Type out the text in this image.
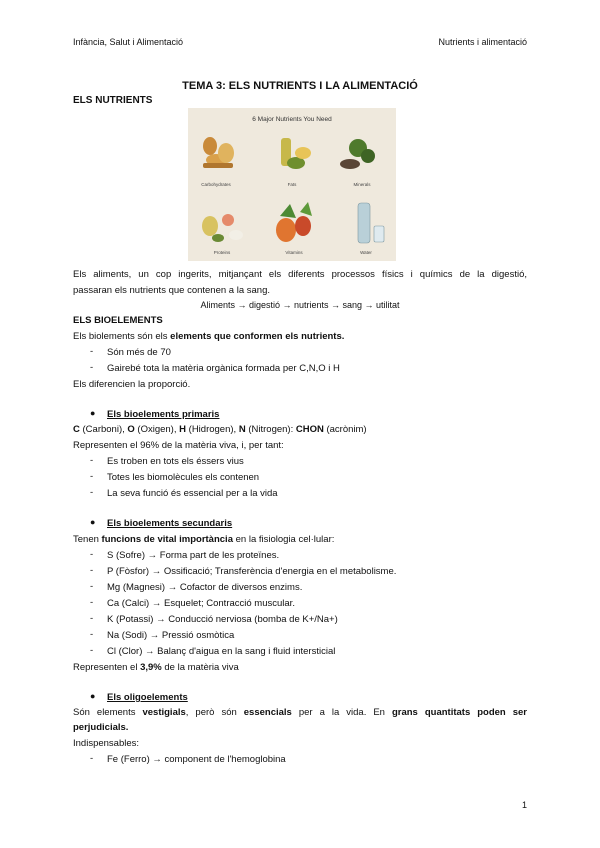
Infància, Salut i Alimentació	Nutrients i alimentació
TEMA 3: ELS NUTRIENTS I LA ALIMENTACIÓ
ELS NUTRIENTS
6 Major Nutrients You Need
Carbohydrates	Fats	Minerals
Proteins	Vitamins	Water
Els aliments, un cop ingerits, mitjançant els diferents processos físics i químics de la digestió,
passaran els nutrients que contenen a la sang.
Aliments → digestió → nutrients → sang → utilitat
ELS BIOELEMENTS
Els biolements són els elements que conformen els nutrients.
- Són més de 70
- Gairebé tota la matèria orgànica formada per C,N,O i H
Els diferencien la proporció.
● Els bioelements primaris
C (Carboni), O (Oxigen), H (Hidrogen), N (Nitrogen): CHON (acrònim)
Representen el 96% de la matèria viva, i, per tant:
- Es troben en tots els éssers vius
- Totes les biomolècules els contenen
- La seva funció és essencial per a la vida
● Els bioelements secundaris
Tenen funcions de vital importància en la fisiologia cel·lular:
- S (Sofre) → Forma part de les proteïnes.
- P (Fòsfor) → Ossificació; Transferència d'energia en el metabolisme.
- Mg (Magnesi) → Cofactor de diversos enzims.
- Ca (Calci) → Esquelet; Contracció muscular.
- K (Potassi) → Conducció nerviosa (bomba de K+/Na+)
- Na (Sodi) → Pressió osmòtica
- Cl (Clor) → Balanç d'aigua en la sang i fluid intersticial
Representen el 3,9% de la matèria viva
● Els oligoelements
Són elements vestigials, però són essencials per a la vida. En grans quantitats poden ser
perjudicials.
Indispensables:
- Fe (Ferro) → component de l'hemoglobina
1
